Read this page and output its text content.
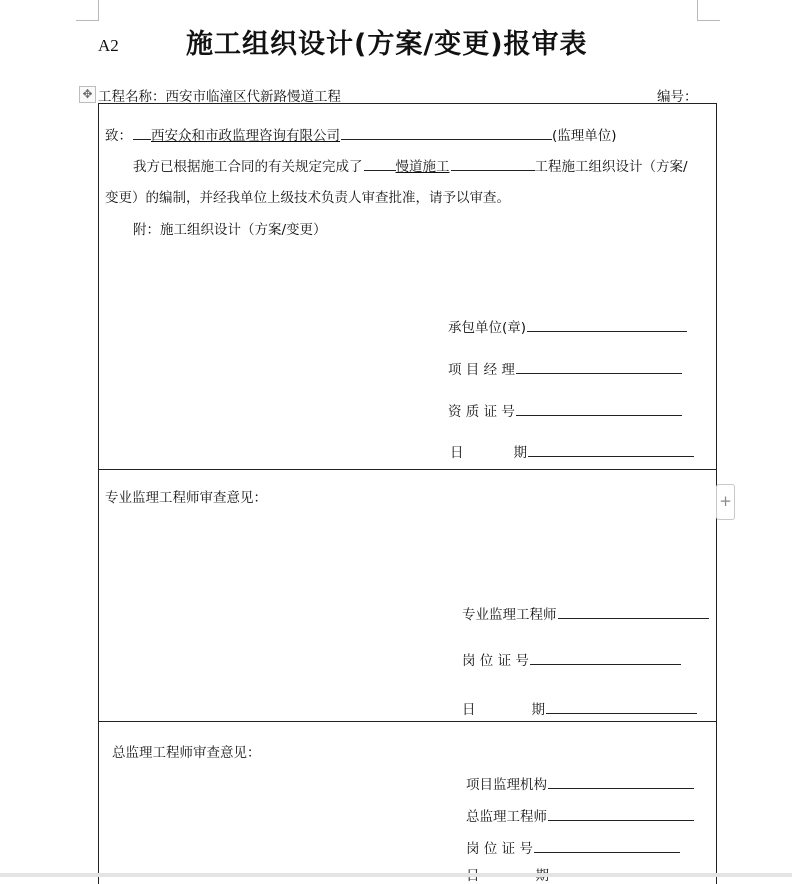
A2 施工组织设计(方案/变更)报审表
✥ 工程名称：西安市临潼区代新路慢道工程	编号：
+
致： 西安众和市政监理咨询有限公司	(监理单位)
我方已根据施工合同的有关规定完成了 慢道施工	工程施工组织设计（方案/
变更）的编制，并经我单位上级技术负责人审查批准，请予以审查。
附：施工组织设计（方案/变更）
承包单位(章)
项 目 经 理
资 质 证 号
日	期
专业监理工程师审查意见：
专业监理工程师
岗 位 证 号
日	期
总监理工程师审查意见：
项目监理机构
总监理工程师
岗 位 证 号
